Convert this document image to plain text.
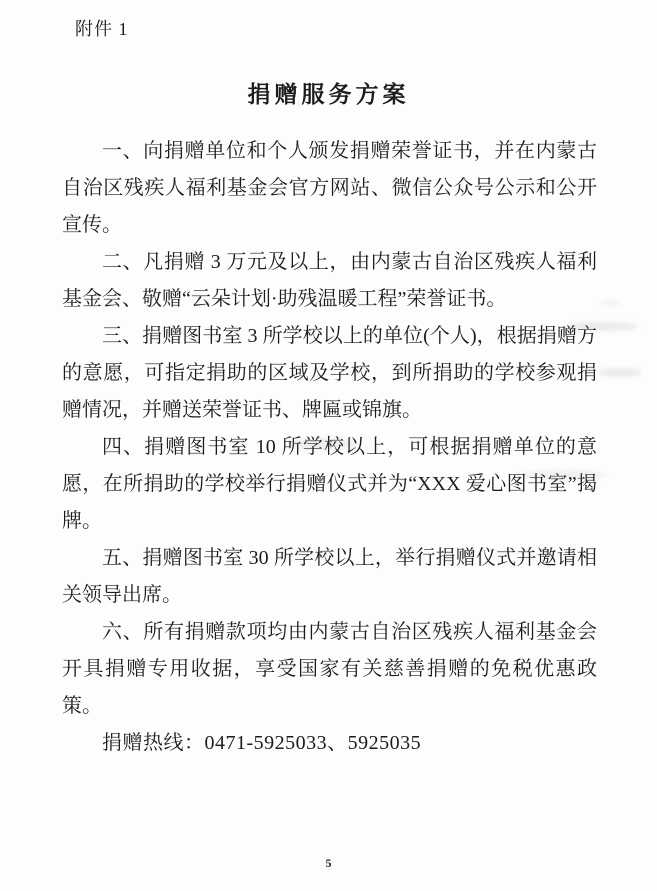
附件 1
捐赠服务方案

一、向捐赠单位和个人颁发捐赠荣誉证书，并在内蒙古自治区残疾人福利基金会官方网站、微信公众号公示和公开宣传。

二、凡捐赠 3 万元及以上，由内蒙古自治区残疾人福利基金会、敬赠“云朵计划·助残温暖工程”荣誉证书。

三、捐赠图书室 3 所学校以上的单位(个人)，根据捐赠方的意愿，可指定捐助的区域及学校，到所捐助的学校参观捐赠情况，并赠送荣誉证书、牌匾或锦旗。

四、捐赠图书室 10 所学校以上，可根据捐赠单位的意愿，在所捐助的学校举行捐赠仪式并为“XXX 爱心图书室”揭牌。

五、捐赠图书室 30 所学校以上，举行捐赠仪式并邀请相关领导出席。

六、所有捐赠款项均由内蒙古自治区残疾人福利基金会开具捐赠专用收据，享受国家有关慈善捐赠的免税优惠政策。

捐赠热线：0471-5925033、5925035

5
